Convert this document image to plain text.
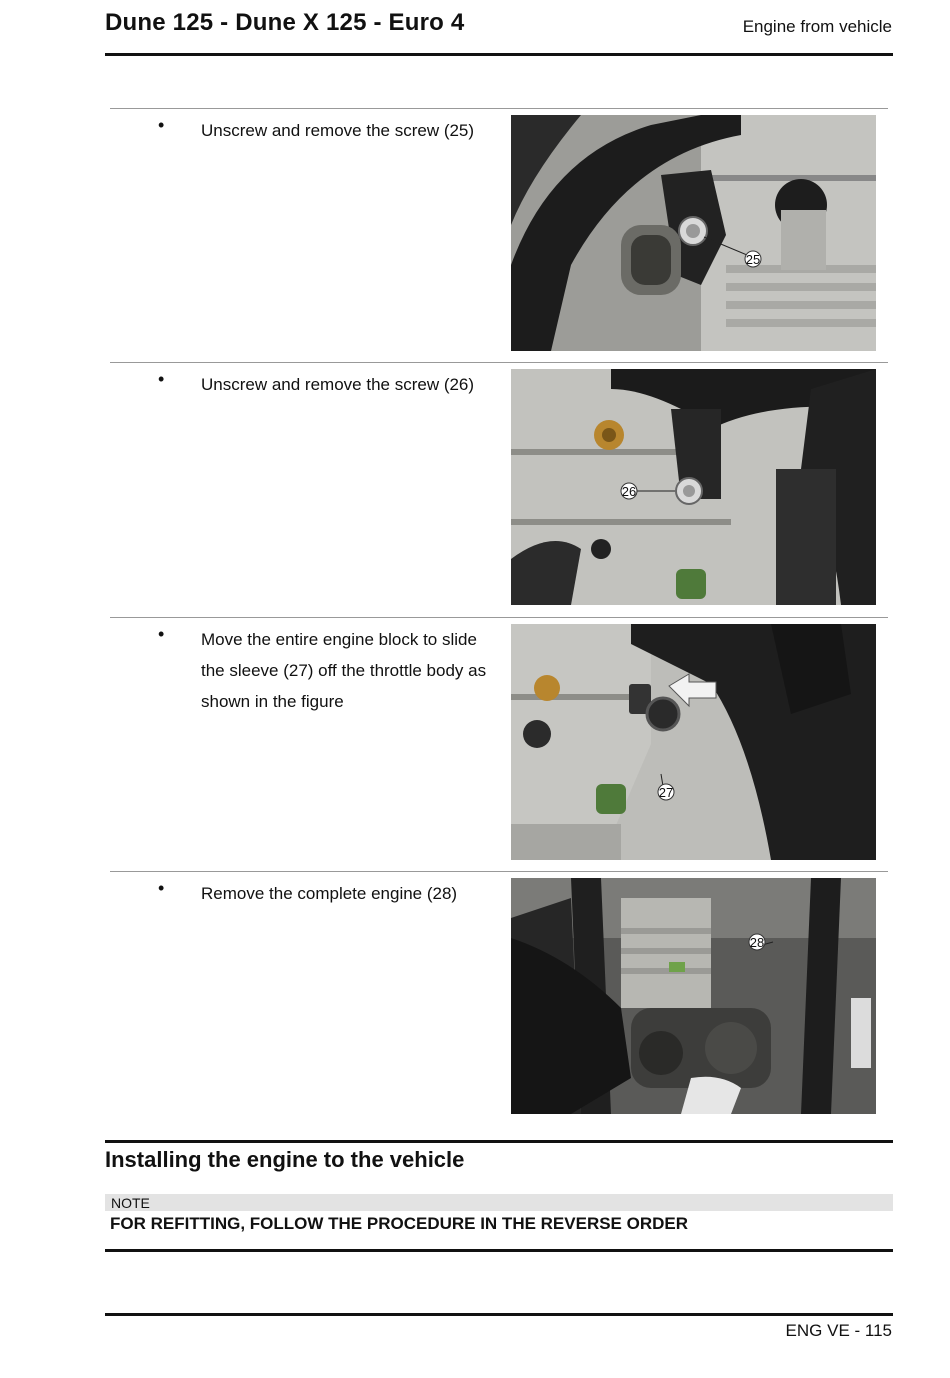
Dune 125 - Dune X 125 - Euro 4	Engine from vehicle
• Unscrew and remove the screw (25)
25
• Unscrew and remove the screw (26)
26
• Move the entire engine block to slide the sleeve (27) off the throttle body as shown in the figure
27
• Remove the complete engine (28)
28
Installing the engine to the vehicle
NOTE
FOR REFITTING, FOLLOW THE PROCEDURE IN THE REVERSE ORDER
ENG VE - 115
